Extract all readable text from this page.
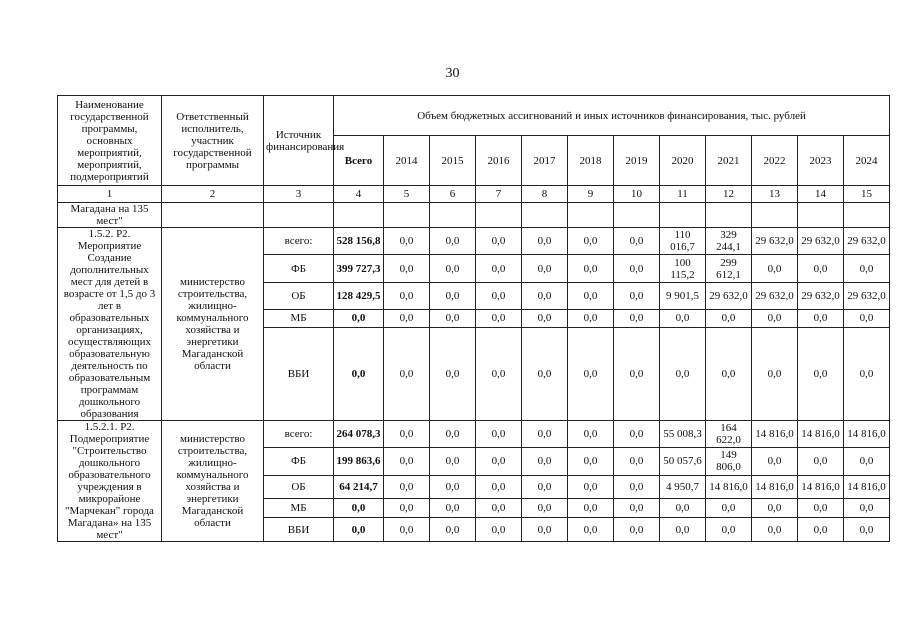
30
Наименование государственной программы, основных мероприятий, мероприятий, подмероприятий	Ответственный исполнитель, участник государственной программы	Источник финансирования	Объем бюджетных ассигнований и иных источников финансирования, тыс. рублей											
			Всего	2014	2015	2016	2017	2018	2019	2020	2021	2022	2023	2024
1	2	3	4	5	6	7	8	9	10	11	12	13	14	15
Магадана на 135 мест"														
1.5.2. Р2. Мероприятие Создание дополнительных мест для детей в возрасте от 1,5 до 3 лет в образовательных организациях, осуществляющих образовательную деятельность по образовательным программам дошкольного образования	министерство строительства, жилищно-коммунального хозяйства и энергетики Магаданской области	всего:	528 156,8	0,0	0,0	0,0	0,0	0,0	0,0	110 016,7	329 244,1	29 632,0	29 632,0	29 632,0
		ФБ	399 727,3	0,0	0,0	0,0	0,0	0,0	0,0	100 115,2	299 612,1	0,0	0,0	0,0
		ОБ	128 429,5	0,0	0,0	0,0	0,0	0,0	0,0	9 901,5	29 632,0	29 632,0	29 632,0	29 632,0
		МБ	0,0	0,0	0,0	0,0	0,0	0,0	0,0	0,0	0,0	0,0	0,0	0,0
		ВБИ	0,0	0,0	0,0	0,0	0,0	0,0	0,0	0,0	0,0	0,0	0,0	0,0
1.5.2.1. Р2. Подмероприятие "Строительство дошкольного образовательного учреждения в микрорайоне "Марчекан" города Магадана» на 135 мест"	министерство строительства, жилищно-коммунального хозяйства и энергетики Магаданской области	всего:	264 078,3	0,0	0,0	0,0	0,0	0,0	0,0	55 008,3	164 622,0	14 816,0	14 816,0	14 816,0
		ФБ	199 863,6	0,0	0,0	0,0	0,0	0,0	0,0	50 057,6	149 806,0	0,0	0,0	0,0
		ОБ	64 214,7	0,0	0,0	0,0	0,0	0,0	0,0	4 950,7	14 816,0	14 816,0	14 816,0	14 816,0
		МБ	0,0	0,0	0,0	0,0	0,0	0,0	0,0	0,0	0,0	0,0	0,0	0,0
		ВБИ	0,0	0,0	0,0	0,0	0,0	0,0	0,0	0,0	0,0	0,0	0,0	0,0
